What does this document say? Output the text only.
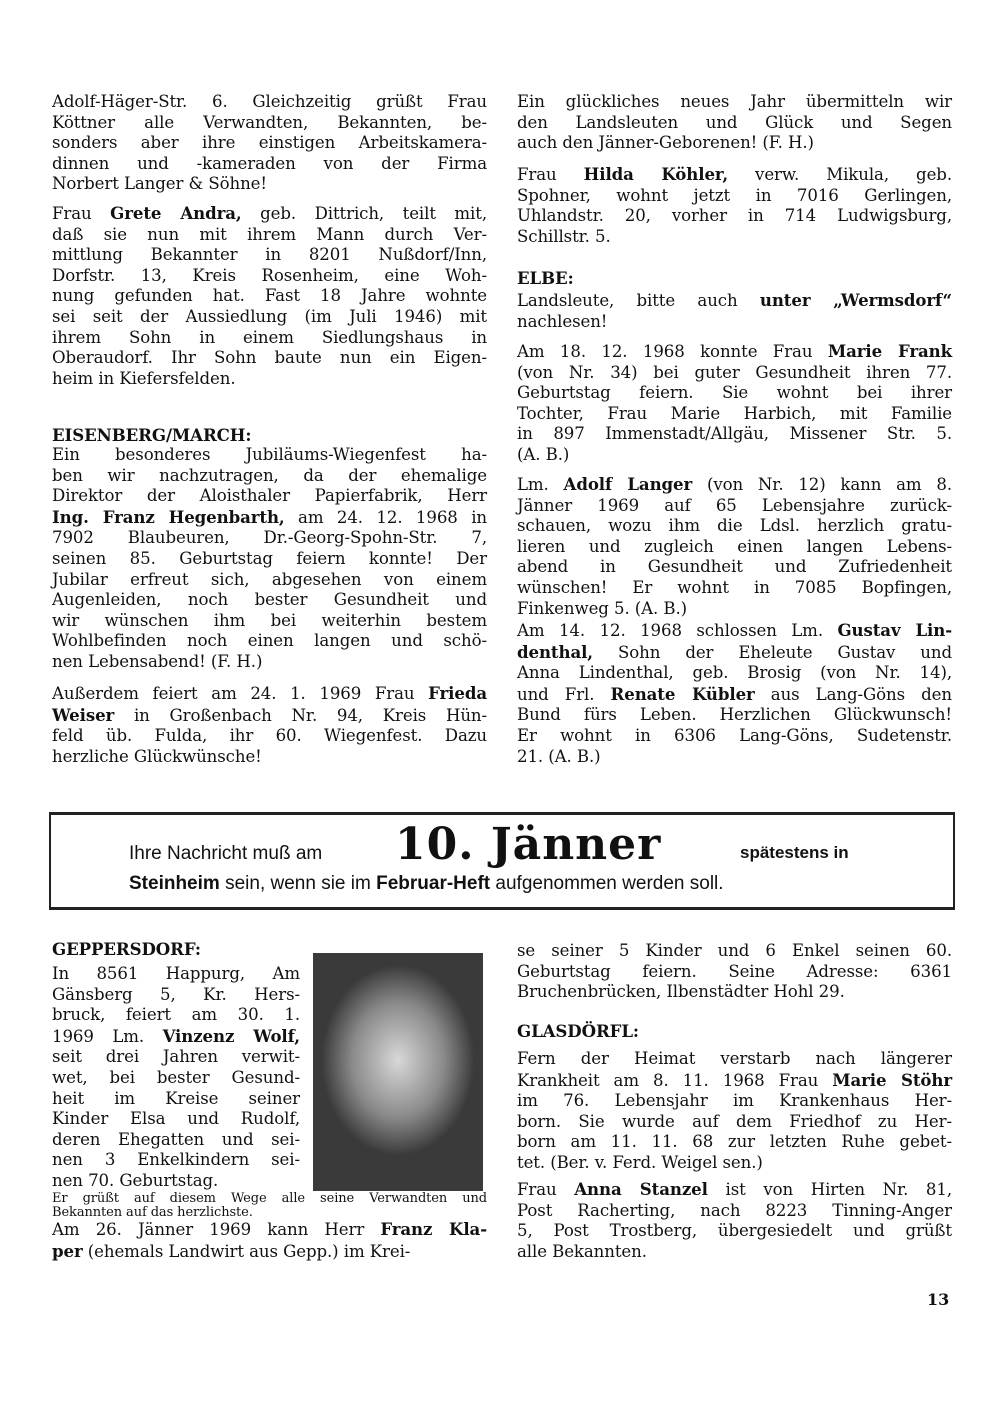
Ihre Nachricht muß am 10. Jänner	spätestens in
Steinheim sein, wenn sie im Februar-Heft aufgenommen werden soll.
13
Adolf-Häger-Str. 6. Gleichzeitig grüßt Frau
Köttner alle Verwandten, Bekannten, be-
sonders aber ihre einstigen Arbeitskamera-
dinnen und -kameraden von der Firma
Norbert Langer & Söhne!
Frau Grete Andra, geb. Dittrich, teilt mit,
daß sie nun mit ihrem Mann durch Ver-
mittlung Bekannter in 8201 Nußdorf/Inn,
Dorfstr. 13, Kreis Rosenheim, eine Woh-
nung gefunden hat. Fast 18 Jahre wohnte
sei seit der Aussiedlung (im Juli 1946) mit
ihrem Sohn in einem Siedlungshaus in
Oberaudorf. Ihr Sohn baute nun ein Eigen-
heim in Kiefersfelden.
EISENBERG/MARCH:
Ein besonderes Jubiläums-Wiegenfest ha-
ben wir nachzutragen, da der ehemalige
Direktor der Aloisthaler Papierfabrik, Herr
Ing. Franz Hegenbarth, am 24. 12. 1968 in
7902 Blaubeuren, Dr.-Georg-Spohn-Str. 7,
seinen 85. Geburtstag feiern konnte! Der
Jubilar erfreut sich, abgesehen von einem
Augenleiden, noch bester Gesundheit und
wir wünschen ihm bei weiterhin bestem
Wohlbefinden noch einen langen und schö-
nen Lebensabend! (F. H.)
Außerdem feiert am 24. 1. 1969 Frau Frieda
Weiser in Großenbach Nr. 94, Kreis Hün-
feld üb. Fulda, ihr 60. Wiegenfest. Dazu
herzliche Glückwünsche!
Ein glückliches neues Jahr übermitteln wir
den Landsleuten und Glück und Segen
auch den Jänner-Geborenen! (F. H.)
Frau Hilda Köhler, verw. Mikula, geb.
Spohner, wohnt jetzt in 7016 Gerlingen,
Uhlandstr. 20, vorher in 714 Ludwigsburg,
Schillstr. 5.
ELBE:
Landsleute, bitte auch unter „Wermsdorf“
nachlesen!
Am 18. 12. 1968 konnte Frau Marie Frank
(von Nr. 34) bei guter Gesundheit ihren 77.
Geburtstag feiern. Sie wohnt bei ihrer
Tochter, Frau Marie Harbich, mit Familie
in 897 Immenstadt/Allgäu, Missener Str. 5.
(A. B.)
Lm. Adolf Langer (von Nr. 12) kann am 8.
Jänner 1969 auf 65 Lebensjahre zurück-
schauen, wozu ihm die Ldsl. herzlich gratu-
lieren und zugleich einen langen Lebens-
abend in Gesundheit und Zufriedenheit
wünschen! Er wohnt in 7085 Bopfingen,
Finkenweg 5. (A. B.)
Am 14. 12. 1968 schlossen Lm. Gustav Lin-
denthal, Sohn der Eheleute Gustav und
Anna Lindenthal, geb. Brosig (von Nr. 14),
und Frl. Renate Kübler aus Lang-Göns den
Bund fürs Leben. Herzlichen Glückwunsch!
Er wohnt in 6306 Lang-Göns, Sudetenstr.
21. (A. B.)
GEPPERSDORF:
In 8561 Happurg, Am
Gänsberg 5, Kr. Hers-
bruck, feiert am 30. 1.
1969 Lm. Vinzenz Wolf,
seit drei Jahren verwit-
wet, bei bester Gesund-
heit im Kreise seiner
Kinder Elsa und Rudolf,
deren Ehegatten und sei-
nen 3 Enkelkindern sei-
nen 70. Geburtstag.
Er grüßt auf diesem Wege alle seine Verwandten und
Bekannten auf das herzlichste.
Am 26. Jänner 1969 kann Herr Franz Kla-
per (ehemals Landwirt aus Gepp.) im Krei-
se seiner 5 Kinder und 6 Enkel seinen 60.
Geburtstag feiern. Seine Adresse: 6361
Bruchenbrücken, Ilbenstädter Hohl 29.
GLASDÖRFL:
Fern der Heimat verstarb nach längerer
Krankheit am 8. 11. 1968 Frau Marie Stöhr
im 76. Lebensjahr im Krankenhaus Her-
born. Sie wurde auf dem Friedhof zu Her-
born am 11. 11. 68 zur letzten Ruhe gebet-
tet. (Ber. v. Ferd. Weigel sen.)
Frau Anna Stanzel ist von Hirten Nr. 81,
Post Racherting, nach 8223 Tinning-Anger
5, Post Trostberg, übergesiedelt und grüßt
alle Bekannten.
